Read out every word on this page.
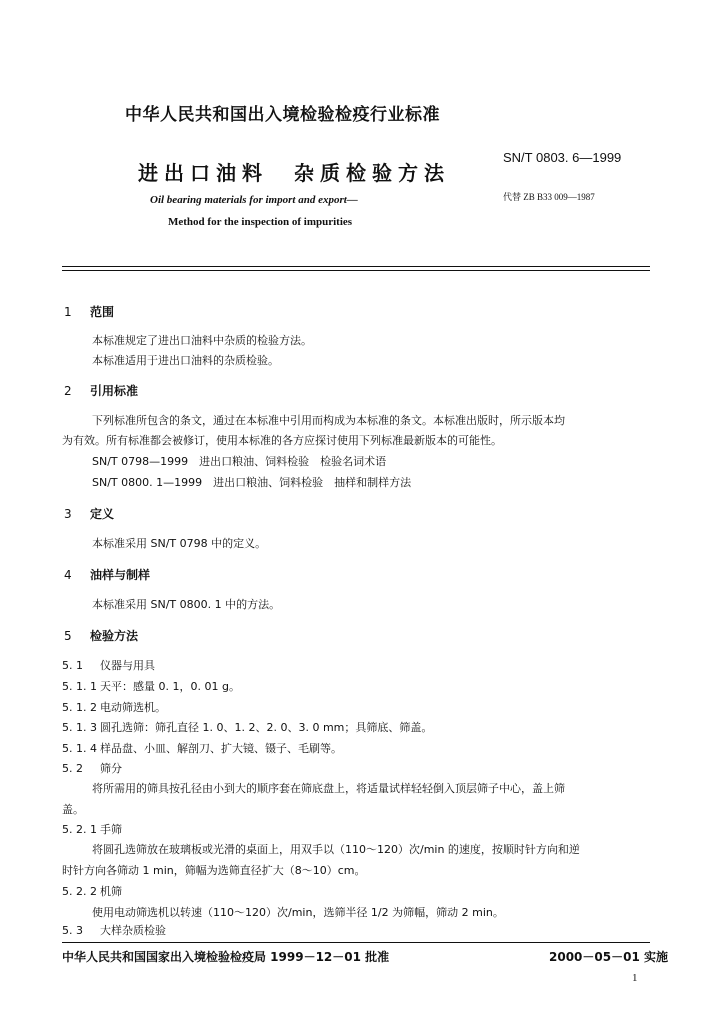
中华人民共和国出入境检验检疫行业标准
进出口油料　杂质检验方法
SN/T 0803. 6—1999
代替 ZB B33 009—1987
Oil bearing materials for import and export—
Method for the inspection of impurities
1 范围
本标准规定了进出口油料中杂质的检验方法。
本标准适用于进出口油料的杂质检验。
2 引用标准
下列标准所包含的条文，通过在本标准中引用而构成为本标准的条文。本标准出版时，所示版本均
为有效。所有标准都会被修订，使用本标准的各方应探讨使用下列标准最新版本的可能性。
SN/T 0798—1999　进出口粮油、饲料检验　检验名词术语
SN/T 0800. 1—1999　进出口粮油、饲料检验　抽样和制样方法
3 定义
本标准采用 SN/T 0798 中的定义。
4 油样与制样
本标准采用 SN/T 0800. 1 中的方法。
5 检验方法
5. 1 仪器与用具
5. 1. 1 天平：感量 0. 1，0. 01 g。
5. 1. 2 电动筛选机。
5. 1. 3 圆孔选筛：筛孔直径 1. 0、1. 2、2. 0、3. 0 mm；具筛底、筛盖。
5. 1. 4 样品盘、小皿、解剖刀、扩大镜、镊子、毛刷等。
5. 2 筛分
将所需用的筛具按孔径由小到大的顺序套在筛底盘上，将适量试样轻轻倒入顶层筛子中心，盖上筛
盖。
5. 2. 1 手筛
将圆孔选筛放在玻璃板或光滑的桌面上，用双手以（110～120）次/min 的速度，按顺时针方向和逆
时针方向各筛动 1 min，筛幅为选筛直径扩大（8～10）cm。
5. 2. 2 机筛
使用电动筛选机以转速（110～120）次/min，选筛半径 1/2 为筛幅，筛动 2 min。
5. 3 大样杂质检验
中华人民共和国国家出入境检验检疫局 1999－12－01 批准	2000－05－01 实施
1
